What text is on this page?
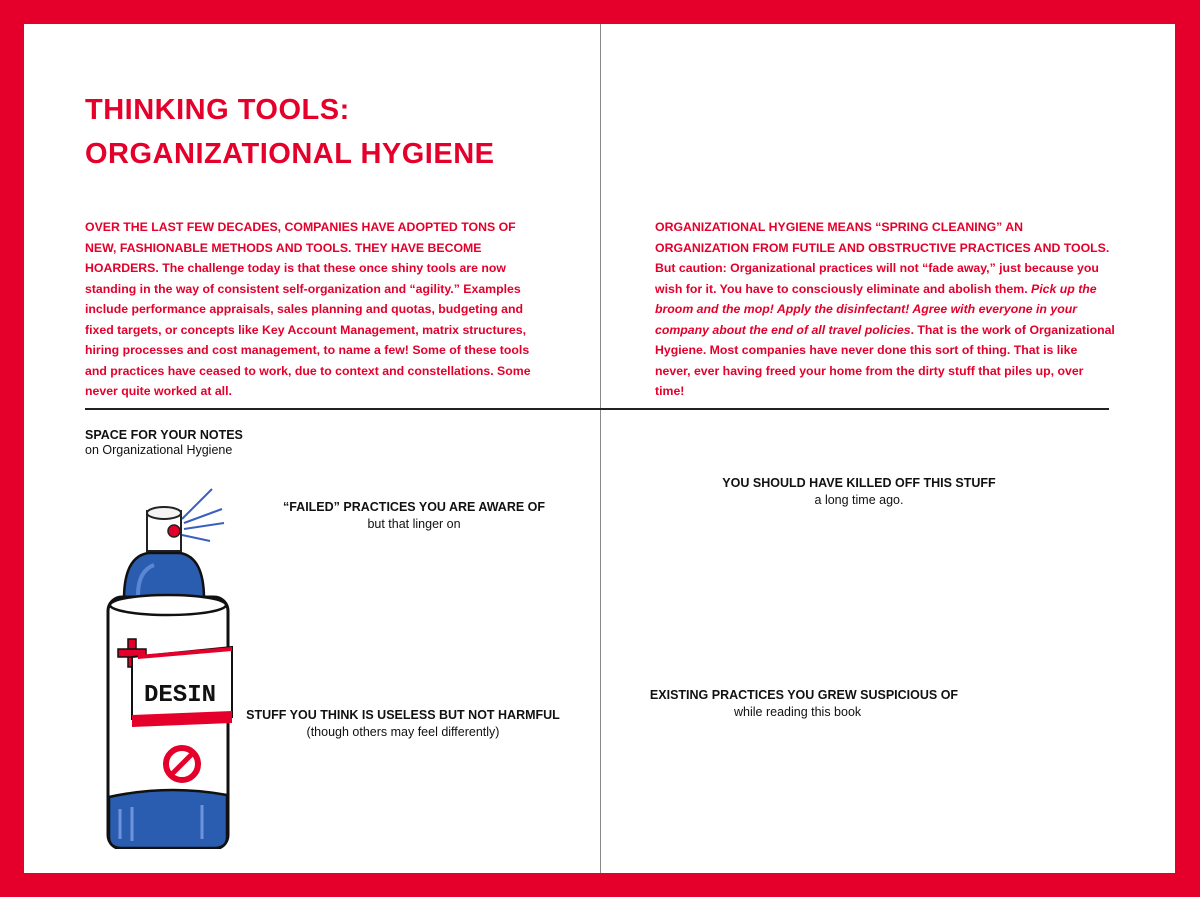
THINKING TOOLS:
ORGANIZATIONAL HYGIENE

OVER THE LAST FEW DECADES, COMPANIES HAVE ADOPTED TONS OF NEW, FASHIONABLE METHODS AND TOOLS. THEY HAVE BECOME HOARDERS. The challenge today is that these once shiny tools are now standing in the way of consistent self-organization and “agility.” Examples include performance appraisals, sales planning and quotas, budgeting and fixed targets, or concepts like Key Account Management, matrix structures, hiring processes and cost management, to name a few! Some of these tools and practices have ceased to work, due to context and constellations. Some never quite worked at all.

ORGANIZATIONAL HYGIENE MEANS “SPRING CLEANING” AN ORGANIZATION FROM FUTILE AND OBSTRUCTIVE PRACTICES AND TOOLS. But caution: Organizational practices will not “fade away,” just because you wish for it. You have to consciously eliminate and abolish them. Pick up the broom and the mop! Apply the disinfectant! Agree with everyone in your company about the end of all travel policies. That is the work of Organizational Hygiene. Most companies have never done this sort of thing. That is like never, ever having freed your home from the dirty stuff that piles up, over time!

SPACE FOR YOUR NOTES
on Organizational Hygiene
“FAILED” PRACTICES YOU ARE AWARE OF
but that linger on
STUFF YOU THINK IS USELESS BUT NOT HARMFUL
(though others may feel differently)
YOU SHOULD HAVE KILLED OFF THIS STUFF
a long time ago.
EXISTING PRACTICES YOU GREW SUSPICIOUS OF
while reading this book
DESIN
